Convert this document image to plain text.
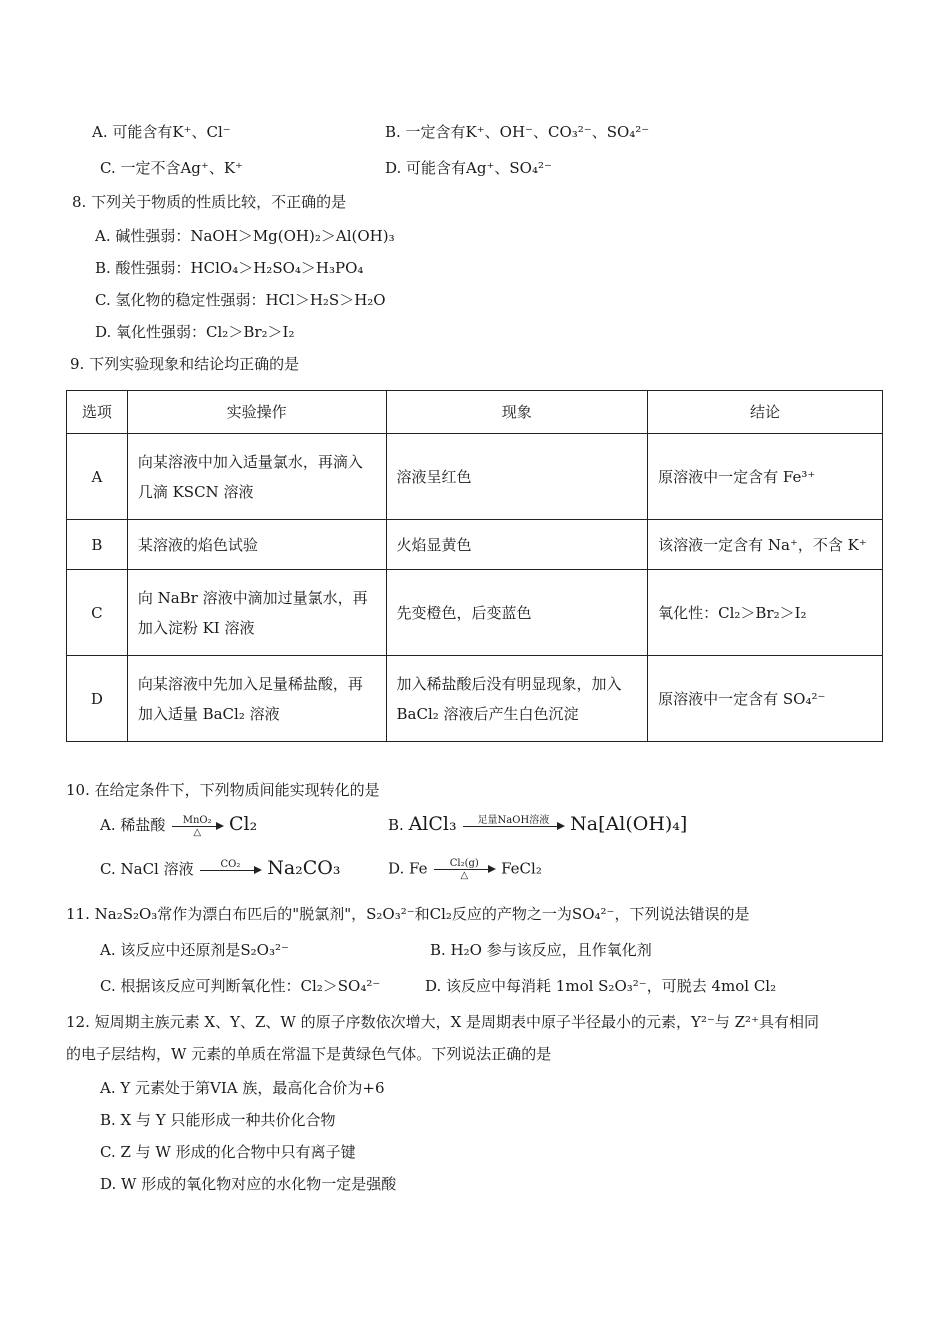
A. 可能含有K⁺、Cl⁻	B. 一定含有K⁺、OH⁻、CO₃²⁻、SO₄²⁻
C. 一定不含Ag⁺、K⁺	D. 可能含有Ag⁺、SO₄²⁻
8. 下列关于物质的性质比较，不正确的是
A. 碱性强弱：NaOH＞Mg(OH)₂＞Al(OH)₃
B. 酸性强弱：HClO₄＞H₂SO₄＞H₃PO₄
C. 氢化物的稳定性强弱：HCl＞H₂S＞H₂O
D. 氧化性强弱：Cl₂＞Br₂＞I₂
9. 下列实验现象和结论均正确的是
选项	实验操作	现象	结论
A	向某溶液中加入适量氯水，再滴入几滴 KSCN 溶液	溶液呈红色	原溶液中一定含有 Fe³⁺
B	某溶液的焰色试验	火焰显黄色	该溶液一定含有 Na⁺，不含 K⁺
C	向 NaBr 溶液中滴加过量氯水，再加入淀粉 KI 溶液	先变橙色，后变蓝色	氧化性：Cl₂＞Br₂＞I₂
D	向某溶液中先加入足量稀盐酸，再加入适量 BaCl₂ 溶液	加入稀盐酸后没有明显现象，加入 BaCl₂ 溶液后产生白色沉淀	原溶液中一定含有 SO₄²⁻
10. 在给定条件下，下列物质间能实现转化的是
A. 稀盐酸	MnO₂
△	Cl₂	B. AlCl₃	足量NaOH溶液
	Na[Al(OH)₄]
C. NaCl 溶液	CO₂
	Na₂CO₃	D. Fe	Cl₂(g)
△	FeCl₂
11. Na₂S₂O₃常作为漂白布匹后的"脱氯剂"，S₂O₃²⁻和Cl₂反应的产物之一为SO₄²⁻，下列说法错误的是
A. 该反应中还原剂是S₂O₃²⁻	B. H₂O 参与该反应，且作氧化剂
C. 根据该反应可判断氧化性：Cl₂＞SO₄²⁻	D. 该反应中每消耗 1mol S₂O₃²⁻，可脱去 4mol Cl₂
12. 短周期主族元素 X、Y、Z、W 的原子序数依次增大，X 是周期表中原子半径最小的元素，Y²⁻与 Z²⁺具有相同
的电子层结构，W 元素的单质在常温下是黄绿色气体。下列说法正确的是
A. Y 元素处于第VIA 族，最高化合价为+6
B. X 与 Y 只能形成一种共价化合物
C. Z 与 W 形成的化合物中只有离子键
D. W 形成的氧化物对应的水化物一定是强酸
